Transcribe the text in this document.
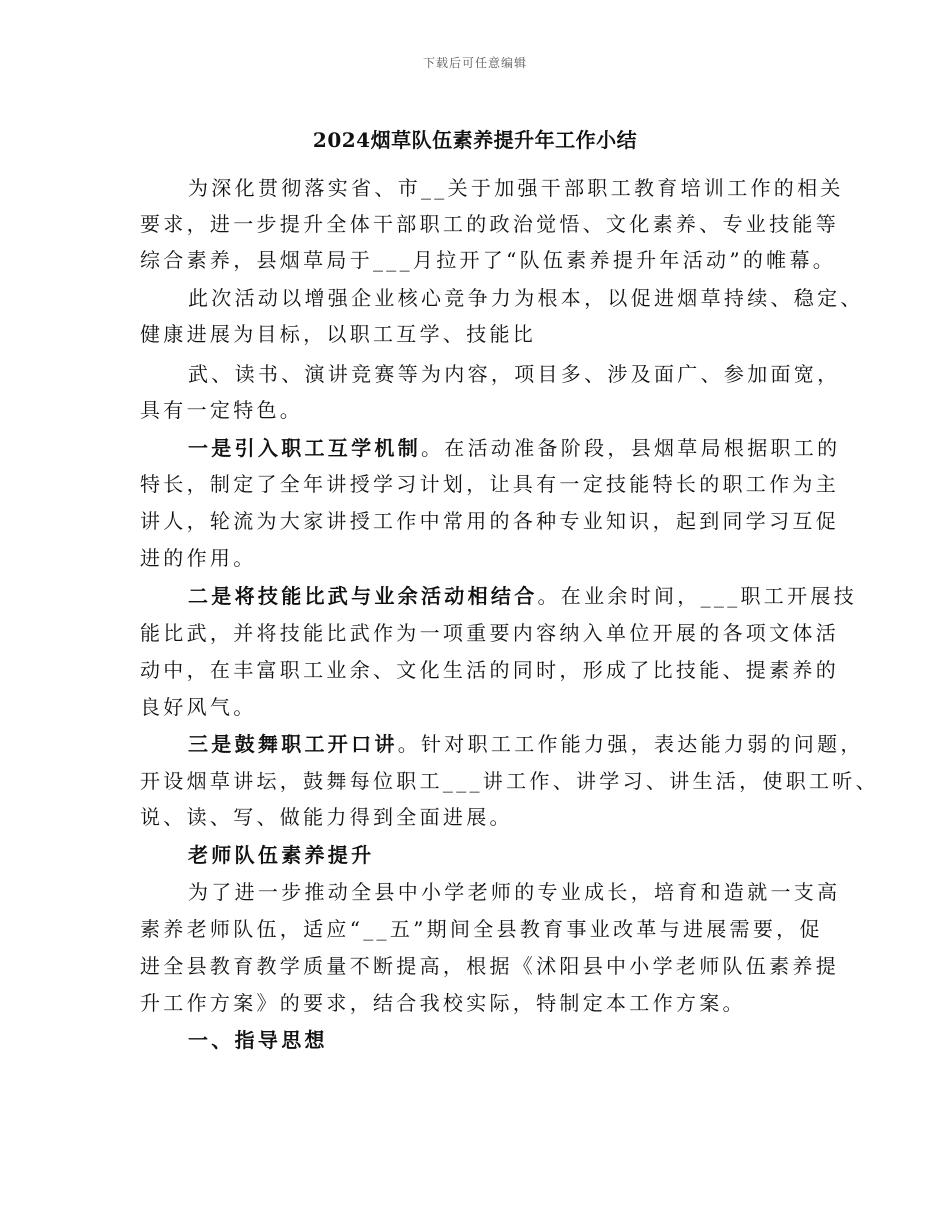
下载后可任意编辑
2024烟草队伍素养提升年工作小结
为深化贯彻落实省、市__关于加强干部职工教育培训工作的相关
要求，进一步提升全体干部职工的政治觉悟、文化素养、专业技能等
综合素养，县烟草局于___月拉开了“队伍素养提升年活动”的帷幕。
此次活动以增强企业核心竞争力为根本，以促进烟草持续、稳定、
健康进展为目标，以职工互学、技能比
武、读书、演讲竞赛等为内容，项目多、涉及面广、参加面宽，
具有一定特色。
一是引入职工互学机制。在活动准备阶段，县烟草局根据职工的
特长，制定了全年讲授学习计划，让具有一定技能特长的职工作为主
讲人，轮流为大家讲授工作中常用的各种专业知识，起到同学习互促
进的作用。
二是将技能比武与业余活动相结合。在业余时间，___职工开展技
能比武，并将技能比武作为一项重要内容纳入单位开展的各项文体活
动中，在丰富职工业余、文化生活的同时，形成了比技能、提素养的
良好风气。
三是鼓舞职工开口讲。针对职工工作能力强，表达能力弱的问题，
开设烟草讲坛，鼓舞每位职工___讲工作、讲学习、讲生活，使职工听、
说、读、写、做能力得到全面进展。
老师队伍素养提升
为了进一步推动全县中小学老师的专业成长，培育和造就一支高
素养老师队伍，适应“__五”期间全县教育事业改革与进展需要，促
进全县教育教学质量不断提高，根据《沭阳县中小学老师队伍素养提
升工作方案》的要求，结合我校实际，特制定本工作方案。
一、指导思想
